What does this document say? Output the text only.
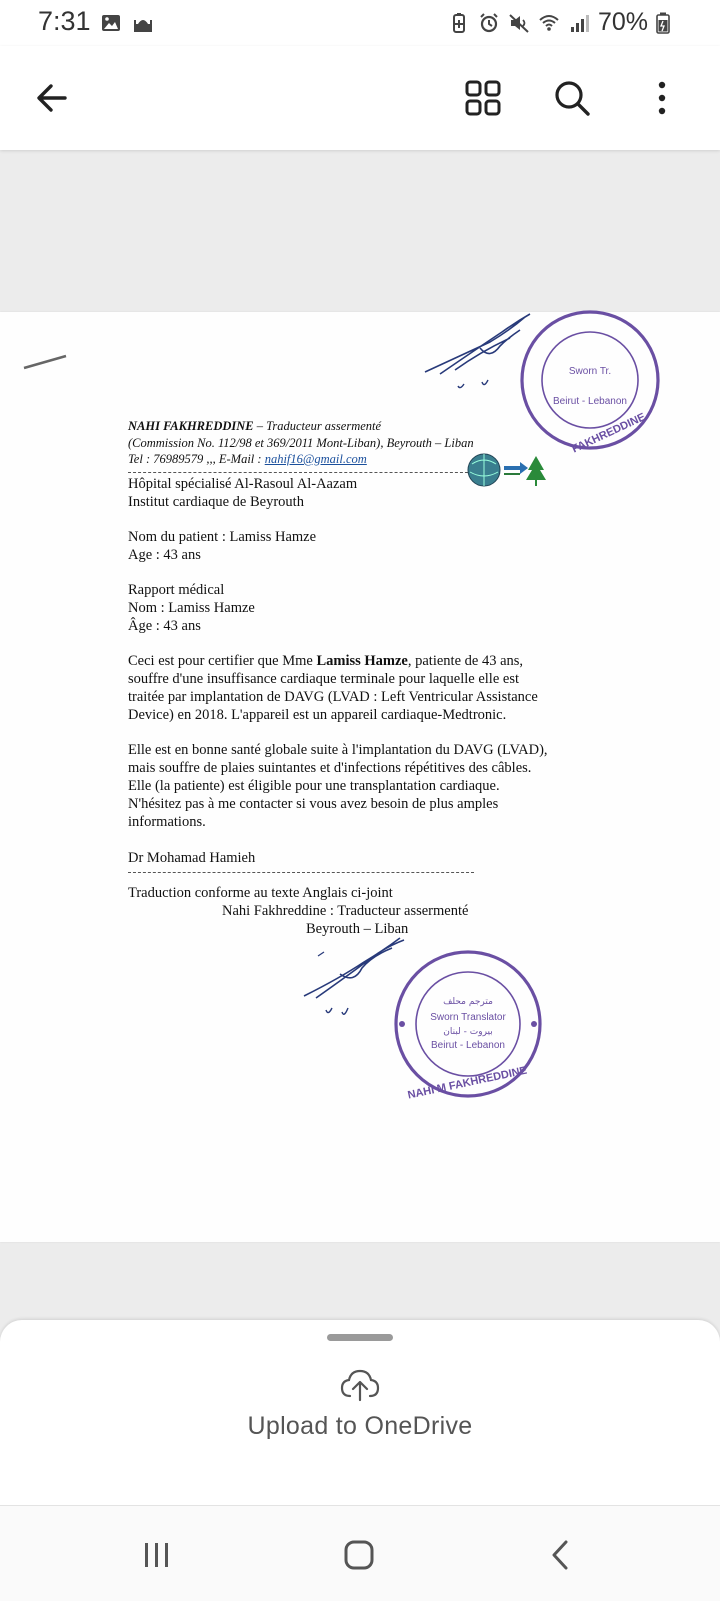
7:31	70%
Sworn Tr.
Beirut - Lebanon
FAKHREDDINE
NAHI FAKHREDDINE – Traducteur assermenté
(Commission No. 112/98 et 369/2011 Mont-Liban), Beyrouth – Liban
Tel : 76989579 ,,, E-Mail : nahif16@gmail.com
Hôpital spécialisé Al-Rasoul Al-Aazam
Institut cardiaque de Beyrouth
Nom du patient : Lamiss Hamze
Age : 43 ans
Rapport médical
Nom : Lamiss Hamze
Âge : 43 ans
Ceci est pour certifier que Mme Lamiss Hamze, patiente de 43 ans,
souffre d'une insuffisance cardiaque terminale pour laquelle elle est
traitée par implantation de DAVG (LVAD : Left Ventricular Assistance
Device) en 2018. L'appareil est un appareil cardiaque-Medtronic.
Elle est en bonne santé globale suite à l'implantation du DAVG (LVAD),
mais souffre de plaies suintantes et d'infections répétitives des câbles.
Elle (la patiente) est éligible pour une transplantation cardiaque.
N'hésitez pas à me contacter si vous avez besoin de plus amples
informations.
Dr Mohamad Hamieh
Traduction conforme au texte Anglais ci-joint
Nahi Fakhreddine : Traducteur assermenté
Beyrouth – Liban
مترجم محلف
Sworn Translator
بيروت - لبنان
Beirut - Lebanon
NAHI M FAKHREDDINE
Upload to OneDrive
